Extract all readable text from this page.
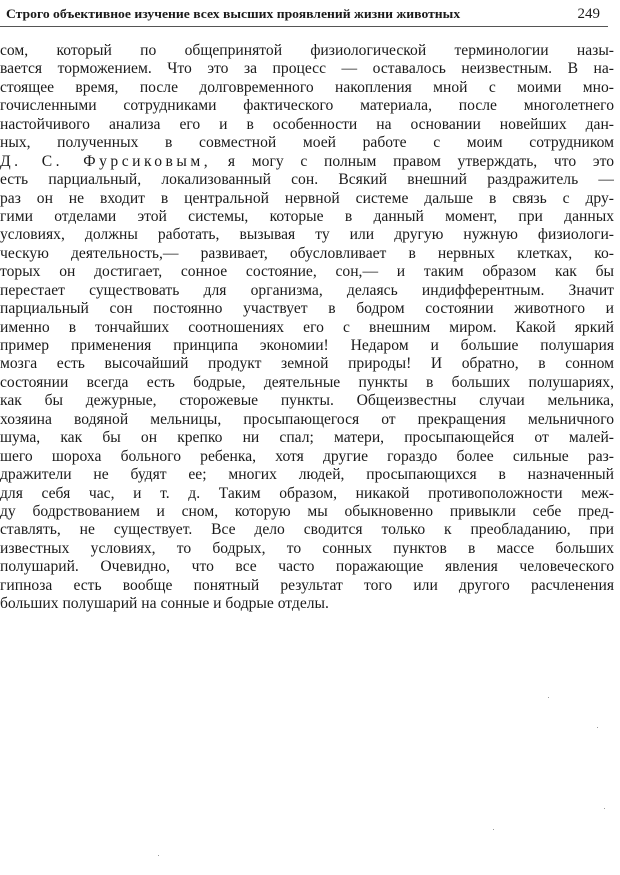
Строго объективное изучение всех высших проявлений жизни животных	249
сом, который по общепринятой физиологической терминологии назы-
вается торможением. Что это за процесс — оставалось неизвестным. В на-
стоящее время, после долговременного накопления мной с моими мно-
гочисленными сотрудниками фактического материала, после многолетнего
настойчивого анализа его и в особенности на основании новейших дан-
ных, полученных в совместной моей работе с моим сотрудником
Д. С. Фурсиковым, я могу с полным правом утверждать, что это
есть парциальный, локализованный сон. Всякий внешний раздражитель —
раз он не входит в центральной нервной системе дальше в связь с дру-
гими отделами этой системы, которые в данный момент, при данных
условиях, должны работать, вызывая ту или другую нужную физиологи-
ческую деятельность,— развивает, обусловливает в нервных клетках, ко-
торых он достигает, сонное состояние, сон,— и таким образом как бы
перестает существовать для организма, делаясь индифферентным. Значит
парциальный сон постоянно участвует в бодром состоянии животного и
именно в тончайших соотношениях его с внешним миром. Какой яркий
пример применения принципа экономии! Недаром и большие полушария
мозга есть высочайший продукт земной природы! И обратно, в сонном
состоянии всегда есть бодрые, деятельные пункты в больших полушариях,
как бы дежурные, сторожевые пункты. Общеизвестны случаи мельника,
хозяина водяной мельницы, просыпающегося от прекращения мельничного
шума, как бы он крепко ни спал; матери, просыпающейся от малей-
шего шороха больного ребенка, хотя другие гораздо более сильные раз-
дражители не будят ее; многих людей, просыпающихся в назначенный
для себя час, и т. д. Таким образом, никакой противоположности меж-
ду бодрствованием и сном, которую мы обыкновенно привыкли себе пред-
ставлять, не существует. Все дело сводится только к преобладанию, при
известных условиях, то бодрых, то сонных пунктов в массе больших
полушарий. Очевидно, что все часто поражающие явления человеческого
гипноза есть вообще понятный результат того или другого расчленения
больших полушарий на сонные и бодрые отделы.
